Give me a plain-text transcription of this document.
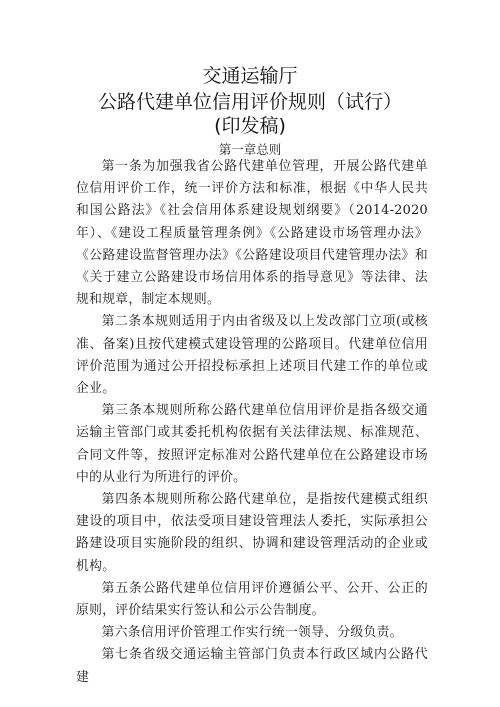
交通运输厅
公路代建单位信用评价规则（试行）
(印发稿)
第一章总则

第一条为加强我省公路代建单位管理，开展公路代建单位信用评价工作，统一评价方法和标准，根据《中华人民共和国公路法》《社会信用体系建设规划纲要》（2014-2020年）、《建设工程质量管理条例》《公路建设市场管理办法》《公路建设监督管理办法》《公路建设项目代建管理办法》和《关于建立公路建设市场信用体系的指导意见》等法律、法规和规章，制定本规则。

第二条本规则适用于内由省级及以上发改部门立项(或核准、备案)且按代建模式建设管理的公路项目。代建单位信用评价范围为通过公开招投标承担上述项目代建工作的单位或企业。

第三条本规则所称公路代建单位信用评价是指各级交通运输主管部门或其委托机构依据有关法律法规、标准规范、合同文件等，按照评定标准对公路代建单位在公路建设市场中的从业行为所进行的评价。

第四条本规则所称公路代建单位，是指按代建模式组织建设的项目中，依法受项目建设管理法人委托，实际承担公路建设项目实施阶段的组织、协调和建设管理活动的企业或机构。

第五条公路代建单位信用评价遵循公平、公开、公正的原则，评价结果实行签认和公示公告制度。

第六条信用评价管理工作实行统一领导、分级负责。

第七条省级交通运输主管部门负责本行政区域内公路代建
